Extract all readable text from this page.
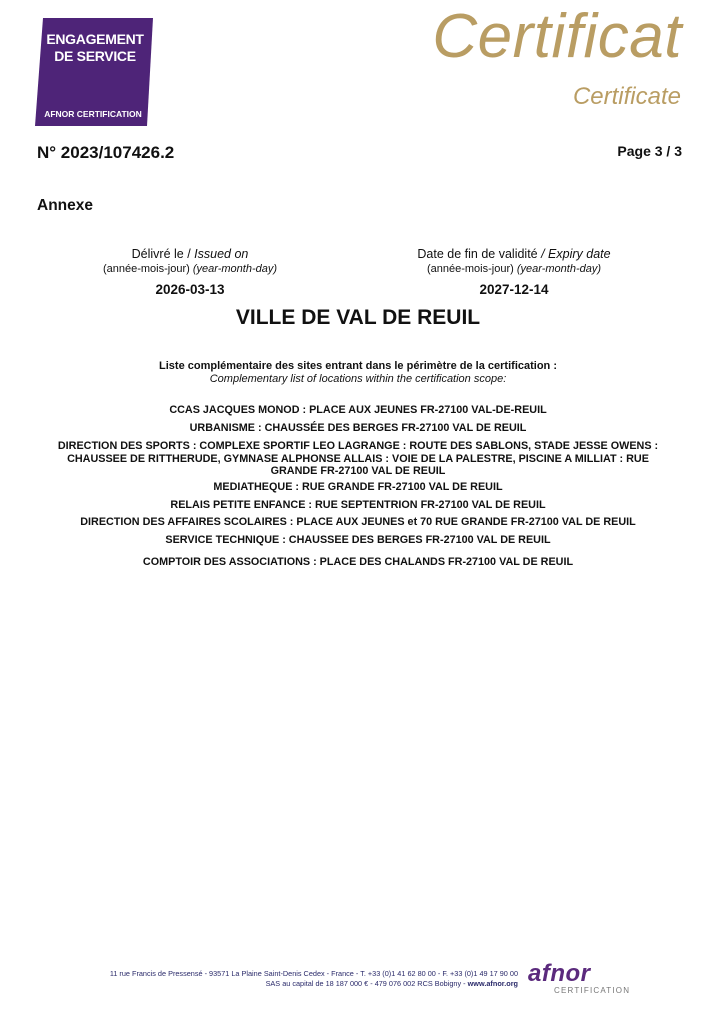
ENGAGEMENT
DE SERVICE
AFNOR CERTIFICATION
Certificat
Certificate
N° 2023/107426.2	Page 3 / 3
Annexe
Délivré le / Issued on
(année-mois-jour) (year-month-day)
2026-03-13
Date de fin de validité / Expiry date
(année-mois-jour) (year-month-day)
2027-12-14
VILLE DE VAL DE REUIL
Liste complémentaire des sites entrant dans le périmètre de la certification :
Complementary list of locations within the certification scope:
CCAS JACQUES MONOD : PLACE AUX JEUNES FR-27100 VAL-DE-REUIL
URBANISME : CHAUSSÉE DES BERGES FR-27100 VAL DE REUIL
DIRECTION DES SPORTS : COMPLEXE SPORTIF LEO LAGRANGE : ROUTE DES SABLONS, STADE JESSE OWENS : CHAUSSEE DE RITTHERUDE, GYMNASE ALPHONSE ALLAIS : VOIE DE LA PALESTRE, PISCINE A MILLIAT : RUE GRANDE FR-27100 VAL DE REUIL
MEDIATHEQUE : RUE GRANDE FR-27100 VAL DE REUIL
RELAIS PETITE ENFANCE : RUE SEPTENTRION FR-27100 VAL DE REUIL
DIRECTION DES AFFAIRES SCOLAIRES : PLACE AUX JEUNES et 70 RUE GRANDE FR-27100 VAL DE REUIL
SERVICE TECHNIQUE : CHAUSSEE DES BERGES FR-27100 VAL DE REUIL
COMPTOIR DES ASSOCIATIONS : PLACE DES CHALANDS FR-27100 VAL DE REUIL
11 rue Francis de Pressensé - 93571 La Plaine Saint-Denis Cedex - France - T. +33 (0)1 41 62 80 00 - F. +33 (0)1 49 17 90 00
SAS au capital de 18 187 000 € - 479 076 002 RCS Bobigny - www.afnor.org afnor
CERTIFICATION
